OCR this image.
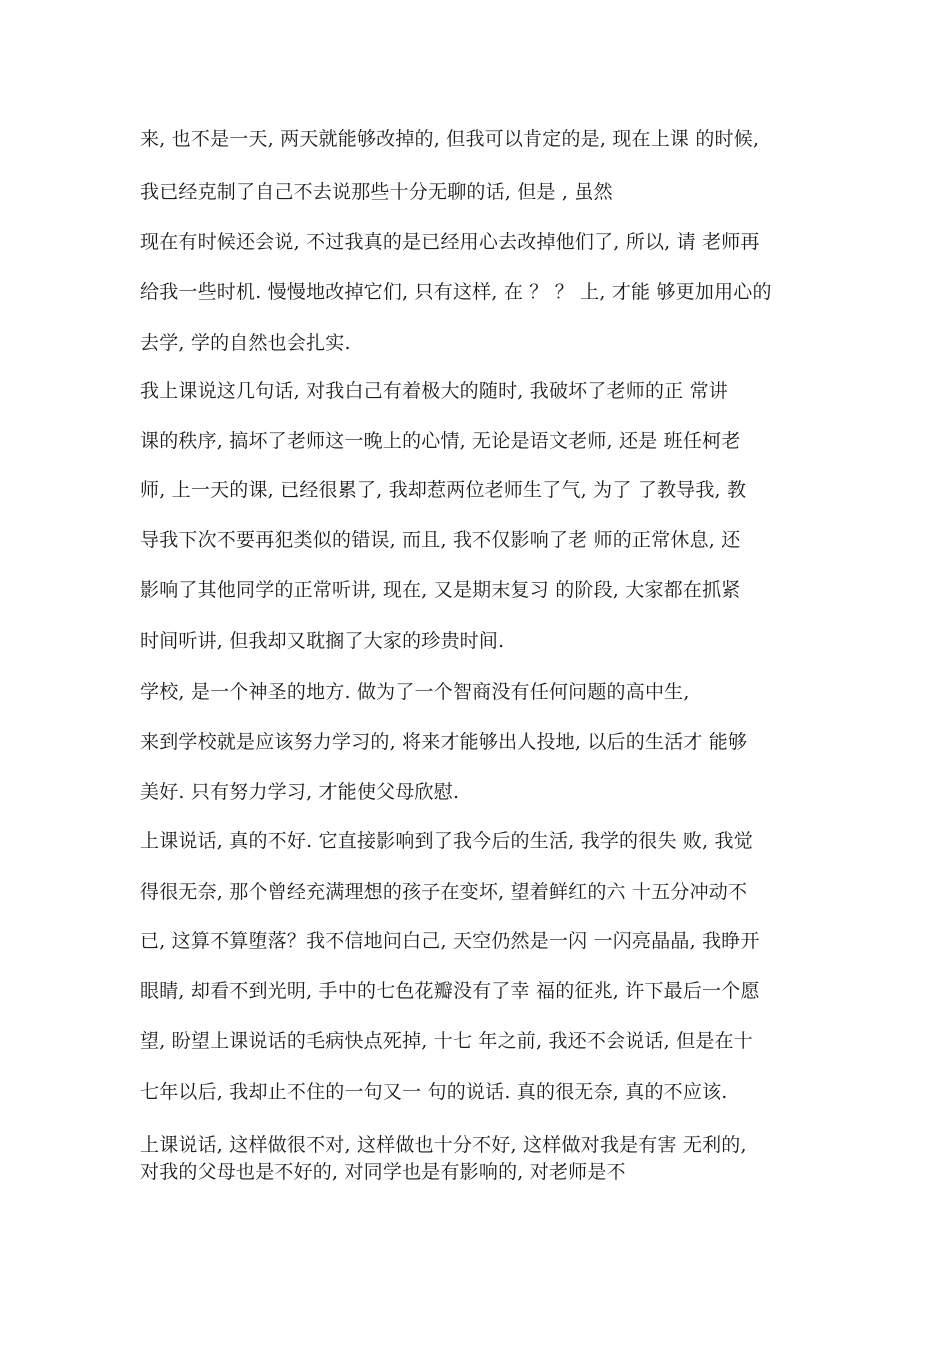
来, 也不是一天, 两天就能够改掉的, 但我可以肯定的是, 现在上课 的时候,
我已经克制了自己不去说那些十分无聊的话, 但是 , 虽然
现在有时候还会说, 不过我真的是已经用心去改掉他们了, 所以, 请 老师再
给我一些时机. 慢慢地改掉它们, 只有这样, 在 ？ ？ 上, 才能 够更加用心的
去学, 学的自然也会扎实.
我上课说这几句话, 对我白己有着极大的随时, 我破坏了老师的正 常讲
课的秩序, 搞坏了老师这一晚上的心情, 无论是语文老师, 还是 班任柯老
师, 上一天的课, 已经很累了, 我却惹两位老师生了气, 为了 了教导我, 教
导我下次不要再犯类似的错误, 而且, 我不仅影响了老 师的正常休息, 还
影响了其他同学的正常听讲, 现在, 又是期末复习 的阶段, 大家都在抓紧
时间听讲, 但我却又耽搁了大家的珍贵时间.
学校, 是一个神圣的地方. 做为了一个智商没有任何问题的高中生,
来到学校就是应该努力学习的, 将来才能够出人投地, 以后的生活才 能够
美好. 只有努力学习, 才能使父母欣慰.
上课说话, 真的不好. 它直接影响到了我今后的生活, 我学的很失 败, 我觉
得很无奈, 那个曾经充满理想的孩子在变坏, 望着鲜红的六 十五分冲动不
已, 这算不算堕落？我不信地问白己, 天空仍然是一闪 一闪亮晶晶, 我睁开
眼睛, 却看不到光明, 手中的七色花瓣没有了幸 福的征兆, 许下最后一个愿
望, 盼望上课说话的毛病快点死掉, 十七 年之前, 我还不会说话, 但是在十
七年以后, 我却止不住的一句又一 句的说话. 真的很无奈, 真的不应该.
上课说话, 这样做很不对, 这样做也十分不好, 这样做对我是有害 无利的,
对我的父母也是不好的, 对同学也是有影响的, 对老师是不
